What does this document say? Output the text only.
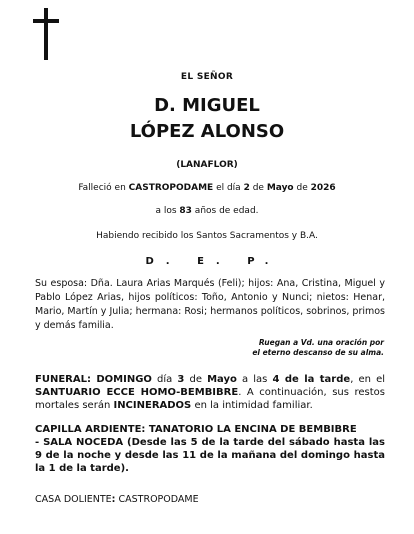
EL SEÑOR
D. MIGUEL
LÓPEZ ALONSO
(LANAFLOR)
Falleció en CASTROPODAME el día 2 de Mayo de 2026
a los 83 años de edad.
Habiendo recibido los Santos Sacramentos y B.A.
D. E. P.
Su esposa: Dña. Laura Arias Marqués (Feli); hijos: Ana, Cristina, Miguel y Pablo López Arias, hijos políticos: Toño, Antonio y Nunci; nietos: Henar, Mario, Martín y Julia; hermana: Rosi; hermanos políticos, sobrinos, primos y demás familia.
Ruegan a Vd. una oración por
el eterno descanso de su alma.
FUNERAL: DOMINGO día 3 de Mayo a las 4 de la tarde, en el SANTUARIO ECCE HOMO-BEMBIBRE. A continuación, sus restos mortales serán INCINERADOS en la intimidad familiar.
CAPILLA ARDIENTE: TANATORIO LA ENCINA DE BEMBIBRE
- SALA NOCEDA (Desde las 5 de la tarde del sábado hasta las 9 de la noche y desde las 11 de la mañana del domingo hasta la 1 de la tarde).
CASA DOLIENTE: CASTROPODAME
